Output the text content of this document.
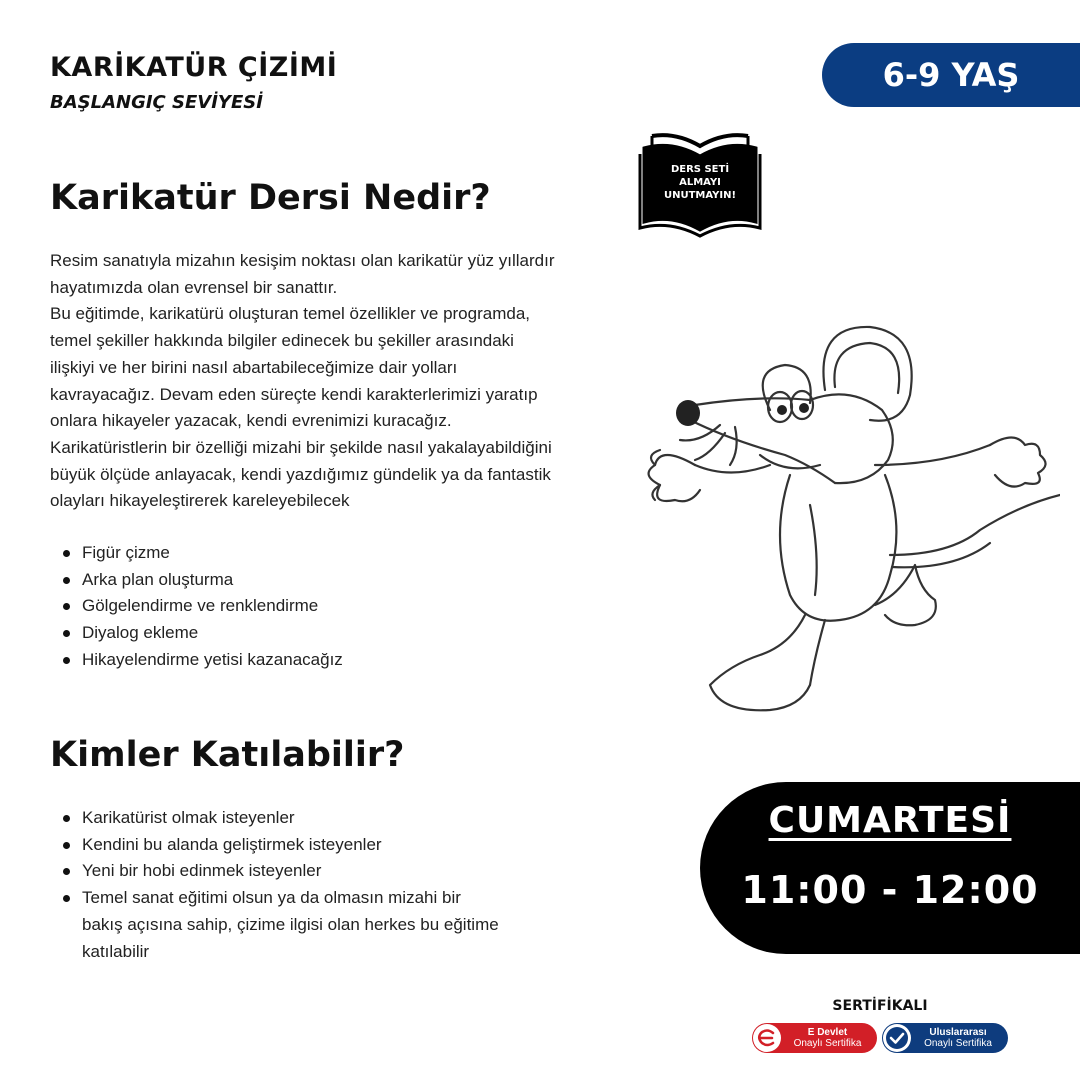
KARİKATÜR ÇİZİMİ
BAŞLANGIÇ SEVİYESİ
6-9 YAŞ
DERS SETİ
ALMAYI
UNUTMAYIN!
Karikatür Dersi Nedir?

Resim sanatıyla mizahın kesişim noktası olan karikatür yüz yıllardır hayatımızda olan evrensel bir sanattır.

Bu eğitimde, karikatürü oluşturan temel özellikler ve programda, temel şekiller hakkında bilgiler edinecek bu şekiller arasındaki ilişkiyi ve her birini nasıl abartabileceğimize dair yolları kavrayacağız. Devam eden süreçte kendi karakterlerimizi yaratıp onlara hikayeler yazacak, kendi evrenimizi kuracağız. Karikatüristlerin bir özelliği mizahi bir şekilde nasıl yakalayabildiğini büyük ölçüde anlayacak, kendi yazdığımız gündelik ya da fantastik olayları hikayeleştirerek kareleyebilecek

Figür çizme
Arka plan oluşturma
Gölgelendirme ve renklendirme
Diyalog ekleme
Hikayelendirme yetisi kazanacağız
Kimler Katılabilir?
Karikatürist olmak isteyenler
Kendini bu alanda geliştirmek isteyenler
Yeni bir hobi edinmek isteyenler
Temel sanat eğitimi olsun ya da olmasın mizahi bir bakış açısına sahip, çizime ilgisi olan herkes bu eğitime katılabilir
CUMARTESİ
11:00 - 12:00
SERTİFİKALI
E Devlet
Onaylı Sertifika
Uluslararası
Onaylı Sertifika
